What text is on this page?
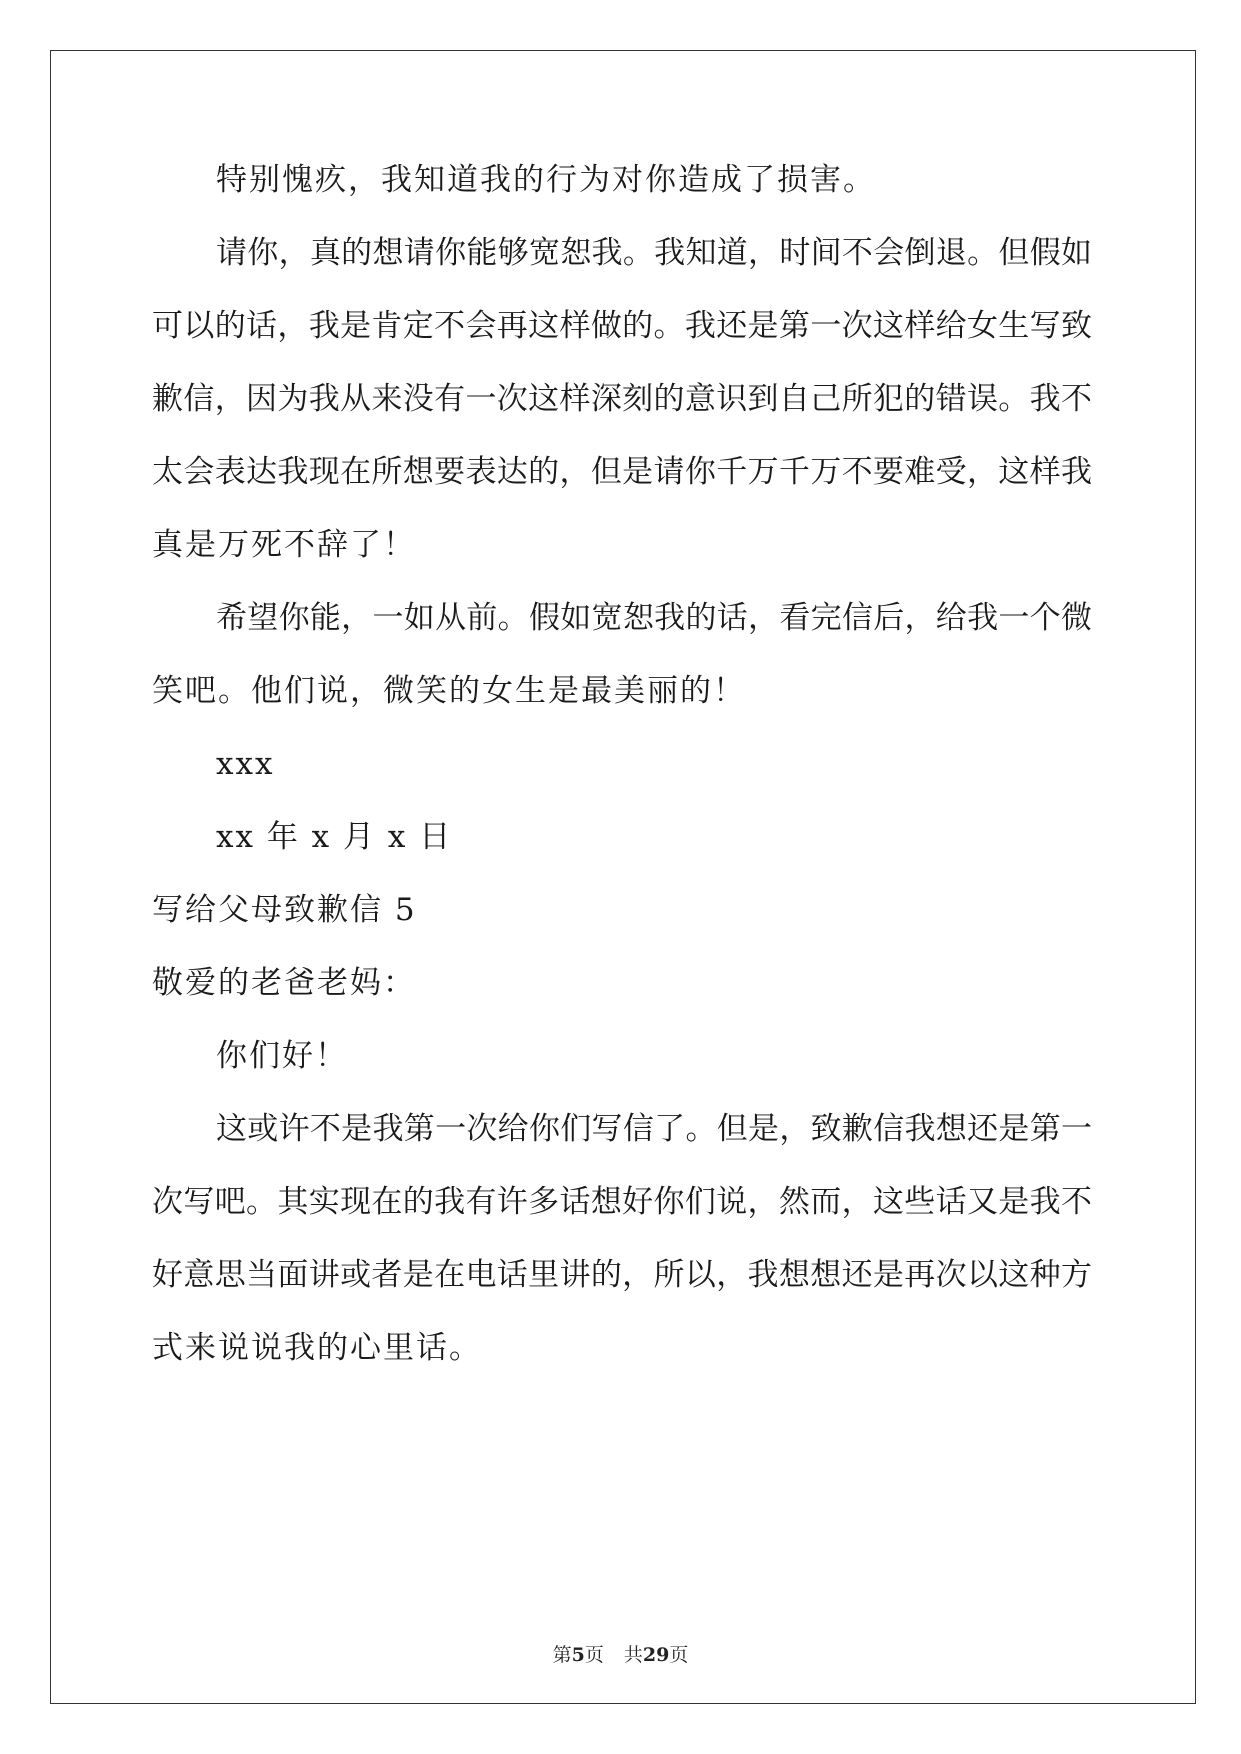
特别愧疚，我知道我的行为对你造成了损害。
请你，真的想请你能够宽恕我。我知道，时间不会倒退。但假如
可以的话，我是肯定不会再这样做的。我还是第一次这样给女生写致
歉信，因为我从来没有一次这样深刻的意识到自己所犯的错误。我不
太会表达我现在所想要表达的，但是请你千万千万不要难受，这样我
真是万死不辞了！
希望你能，一如从前。假如宽恕我的话，看完信后，给我一个微
笑吧。他们说，微笑的女生是最美丽的！
xxx
xx 年 x 月 x 日
写给父母致歉信 5
敬爱的老爸老妈：
你们好！
这或许不是我第一次给你们写信了。但是，致歉信我想还是第一
次写吧。其实现在的我有许多话想好你们说，然而，这些话又是我不
好意思当面讲或者是在电话里讲的，所以，我想想还是再次以这种方
式来说说我的心里话。
第5页 共29页
